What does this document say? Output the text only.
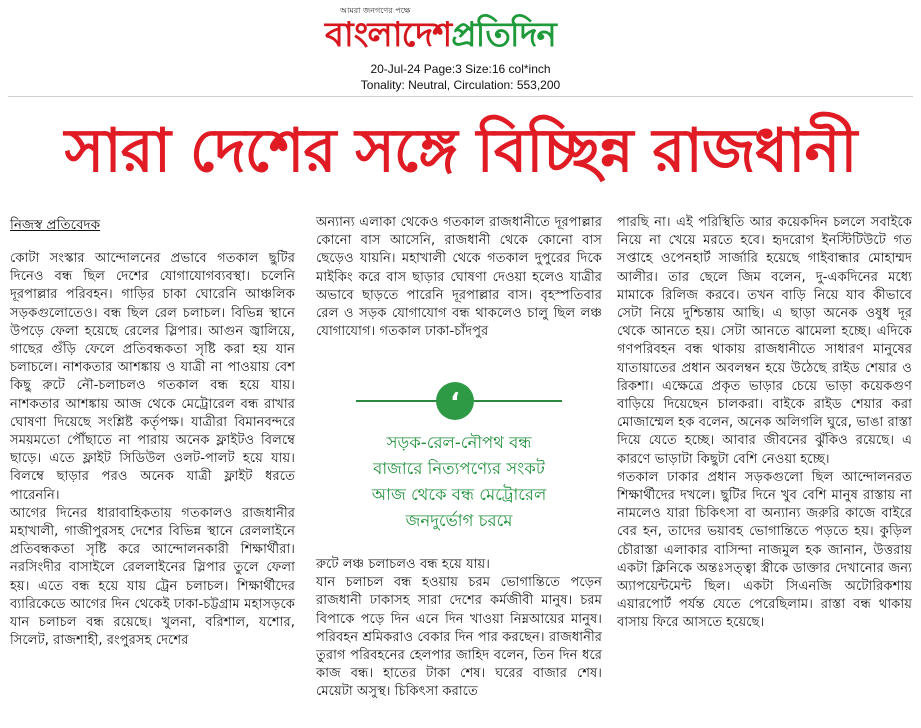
আমরা জনগণের পক্ষে
বাংলাদেশপ্রতিদিন
20-Jul-24 Page:3 Size:16 col*inch
Tonality: Neutral, Circulation: 553,200
সারা দেশের সঙ্গে বিচ্ছিন্ন রাজধানী
নিজস্ব প্রতিবেদক

কোটা সংস্কার আন্দোলনের প্রভাবে গতকাল ছুটির দিনেও বন্ধ ছিল দেশের যোগাযোগব্যবস্থা। চলেনি দূরপাল্লার পরিবহন। গাড়ির চাকা ঘোরেনি আঞ্চলিক সড়কগুলোতেও। বন্ধ ছিল রেল চলাচল। বিভিন্ন স্থানে উপড়ে ফেলা হয়েছে রেলের স্লিপার। আগুন জ্বালিয়ে, গাছের গুঁড়ি ফেলে প্রতিবন্ধকতা সৃষ্টি করা হয় যান চলাচলে। নাশকতার আশঙ্কায় ও যাত্রী না পাওয়ায় বেশ কিছু রুটে নৌ-চলাচলও গতকাল বন্ধ হয়ে যায়। নাশকতার আশঙ্কায় আজ থেকে মেট্রোরেল বন্ধ রাখার ঘোষণা দিয়েছে সংশ্লিষ্ট কর্তৃপক্ষ। যাত্রীরা বিমানবন্দরে সময়মতো পৌঁছাতে না পারায় অনেক ফ্লাইটও বিলম্বে ছাড়ে। এতে ফ্লাইট সিডিউল ওলট-পালট হয়ে যায়। বিলম্বে ছাড়ার পরও অনেক যাত্রী ফ্লাইট ধরতে পারেননি।

আগের দিনের ধারাবাহিকতায় গতকালও রাজধানীর মহাখালী, গাজীপুরসহ দেশের বিভিন্ন স্থানে রেললাইনে প্রতিবন্ধকতা সৃষ্টি করে আন্দোলনকারী শিক্ষার্থীরা। নরসিংদীর বাসাইলে রেললাইনের স্লিপার তুলে ফেলা হয়। এতে বন্ধ হয়ে যায় ট্রেন চলাচল। শিক্ষার্থীদের ব্যারিকেডে আগের দিন থেকেই ঢাকা-চট্টগ্রাম মহাসড়কে যান চলাচল বন্ধ রয়েছে। খুলনা, বরিশাল, যশোর, সিলেট, রাজশাহী, রংপুরসহ দেশের

অন্যান্য এলাকা থেকেও গতকাল রাজধানীতে দূরপাল্লার কোনো বাস আসেনি, রাজধানী থেকে কোনো বাস ছেড়েও যায়নি। মহাখালী থেকে গতকাল দুপুরের দিকে মাইকিং করে বাস ছাড়ার ঘোষণা দেওয়া হলেও যাত্রীর অভাবে ছাড়তে পারেনি দূরপাল্লার বাস। বৃহস্পতিবার রেল ও সড়ক যোগাযোগ বন্ধ থাকলেও চালু ছিল লঞ্চ যোগাযোগ। গতকাল ঢাকা-চাঁদপুর

‘
সড়ক-রেল-নৌপথ বন্ধ
বাজারে নিত্যপণ্যের সংকট
আজ থেকে বন্ধ মেট্রোরেল
জনদুর্ভোগ চরমে

রুটে লঞ্চ চলাচলও বন্ধ হয়ে যায়।

যান চলাচল বন্ধ হওয়ায় চরম ভোগান্তিতে পড়েন রাজধানী ঢাকাসহ সারা দেশের কর্মজীবী মানুষ। চরম বিপাকে পড়ে দিন এনে দিন খাওয়া নিম্নআয়ের মানুষ। পরিবহন শ্রমিকরাও বেকার দিন পার করছেন। রাজধানীর তুরাগ পরিবহনের হেলপার জাহিদ বলেন, তিন দিন ধরে কাজ বন্ধ। হাতের টাকা শেষ। ঘরের বাজার শেষ। মেয়েটা অসুস্থ। চিকিৎসা করাতে

পারছি না। এই পরিস্থিতি আর কয়েকদিন চললে সবাইকে নিয়ে না খেয়ে মরতে হবে। হৃদরোগ ইনস্টিটিউটে গত সপ্তাহে ওপেনহার্ট সার্জারি হয়েছে গাইবান্ধার মোহাম্মদ আলীর। তার ছেলে জিম বলেন, দু-একদিনের মধ্যে মামাকে রিলিজ করবে। তখন বাড়ি নিয়ে যাব কীভাবে সেটা নিয়ে দুশ্চিন্তায় আছি। এ ছাড়া অনেক ওষুধ দূর থেকে আনতে হয়। সেটা আনতে ঝামেলা হচ্ছে। এদিকে গণপরিবহন বন্ধ থাকায় রাজধানীতে সাধারণ মানুষের যাতায়াতের প্রধান অবলম্বন হয়ে উঠেছে রাইড শেয়ার ও রিকশা। এক্ষেত্রে প্রকৃত ভাড়ার চেয়ে ভাড়া কয়েকগুণ বাড়িয়ে দিয়েছেন চালকরা। বাইকে রাইড শেয়ার করা মোজাম্মেল হক বলেন, অনেক অলিগলি ঘুরে, ভাঙা রাস্তা দিয়ে যেতে হচ্ছে। আবার জীবনের ঝুঁকিও রয়েছে। এ কারণে ভাড়াটা কিছুটা বেশি নেওয়া হচ্ছে।

গতকাল ঢাকার প্রধান সড়কগুলো ছিল আন্দোলনরত শিক্ষার্থীদের দখলে। ছুটির দিনে খুব বেশি মানুষ রাস্তায় না নামলেও যারা চিকিৎসা বা অন্যান্য জরুরি কাজে বাইরে বের হন, তাদের ভয়াবহ ভোগান্তিতে পড়তে হয়। কুড়িল চৌরাস্তা এলাকার বাসিন্দা নাজমুল হক জানান, উত্তরায় একটা ক্লিনিকে অন্তঃসত্ত্বা স্ত্রীকে ডাক্তার দেখানোর জন্য অ্যাপয়েন্টমেন্ট ছিল। একটা সিএনজি অটোরিকশায় এয়ারপোর্ট পর্যন্ত যেতে পেরেছিলাম। রাস্তা বন্ধ থাকায় বাসায় ফিরে আসতে হয়েছে।
